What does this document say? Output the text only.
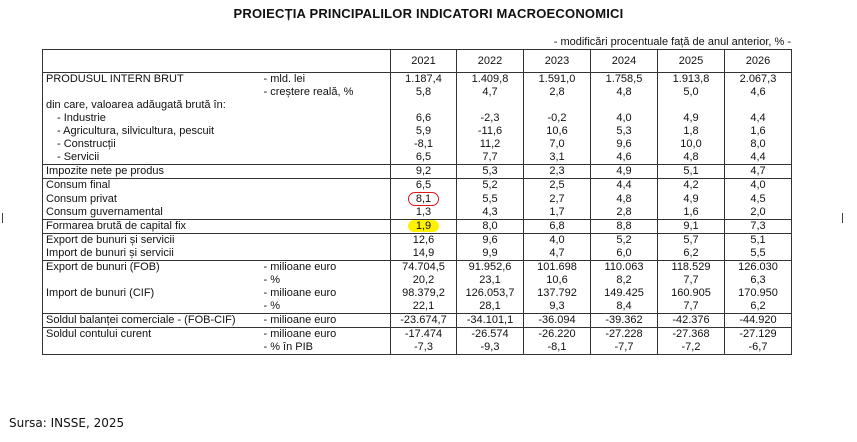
PROIECȚIA PRINCIPALILOR INDICATORI MACROECONOMICI
- modificări procentuale față de anul anterior, % -
		2021	2022	2023	2024	2025	2026
PRODUSUL INTERN BRUT	- mld. lei	1.187,4	1.409,8	1.591,0	1.758,5	1.913,8	2.067,3
	- creștere reală, %	5,8	4,7	2,8	4,8	5,0	4,6
din care, valoarea adăugată brută în:							
- Industrie		6,6	-2,3	-0,2	4,0	4,9	4,4
- Agricultura, silvicultura, pescuit		5,9	-11,6	10,6	5,3	1,8	1,6
- Construcții		-8,1	11,2	7,0	9,6	10,0	8,0
- Servicii		6,5	7,7	3,1	4,6	4,8	4,4
Impozite nete pe produs		9,2	5,3	2,3	4,9	5,1	4,7
Consum final		6,5	5,2	2,5	4,4	4,2	4,0
Consum privat		8,1	5,5	2,7	4,8	4,9	4,5
Consum guvernamental		1,3	4,3	1,7	2,8	1,6	2,0
Formarea brută de capital fix		1,9	8,0	6,8	8,8	9,1	7,3
Export de bunuri și servicii		12,6	9,6	4,0	5,2	5,7	5,1
Import de bunuri și servicii		14,9	9,9	4,7	6,0	6,2	5,5
Export de bunuri (FOB)	- milioane euro	74.704,5	91.952,6	101.698	110.063	118.529	126.030
	- %	20,2	23,1	10,6	8,2	7,7	6,3
Import de bunuri (CIF)	- milioane euro	98.379,2	126.053,7	137.792	149.425	160.905	170.950
	- %	22,1	28,1	9,3	8,4	7,7	6,2
Soldul balanței comerciale - (FOB-CIF)	- milioane euro	-23.674,7	-34.101,1	-36.094	-39.362	-42.376	-44.920
Soldul contului curent	- milioane euro	-17.474	-26.574	-26.220	-27.228	-27.368	-27.129
	- % în PIB	-7,3	-9,3	-8,1	-7,7	-7,2	-6,7
Sursa: INSSE, 2025
